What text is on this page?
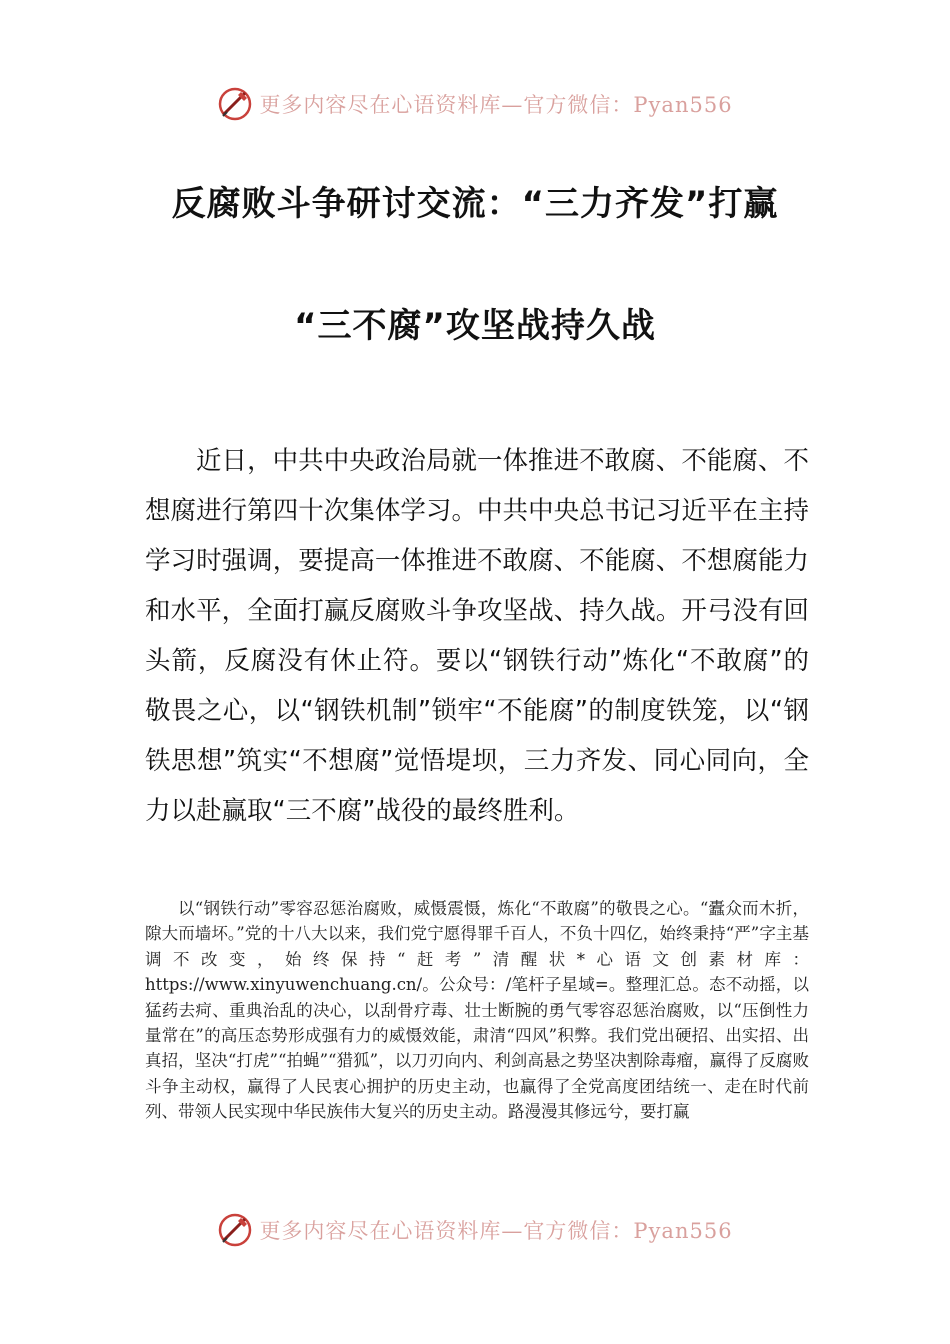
更多内容尽在心语资料库—官方微信：Pyan556
反腐败斗争研讨交流：“三力齐发”打赢
“三不腐”攻坚战持久战

近日，中共中央政治局就一体推进不敢腐、不能腐、不想腐进行第四十次集体学习。中共中央总书记习近平在主持学习时强调，要提高一体推进不敢腐、不能腐、不想腐能力和水平，全面打赢反腐败斗争攻坚战、持久战。开弓没有回头箭，反腐没有休止符。要以“钢铁行动”炼化“不敢腐”的敬畏之心，以“钢铁机制”锁牢“不能腐”的制度铁笼，以“钢铁思想”筑实“不想腐”觉悟堤坝，三力齐发、同心同向，全力以赴赢取“三不腐”战役的最终胜利。

以“钢铁行动”零容忍惩治腐败，威慑震慑，炼化“不敢腐”的敬畏之心。“蠹众而木折，隙大而墙坏。”党的十八大以来，我们党宁愿得罪千百人，不负十四亿，始终秉持“严”字主基调不改变，始终保持“赶考”清醒状*心语文创素材库：https://www.xinyuwenchuang.cn/。公众号：/笔杆子星域=。整理汇总。态不动摇，以猛药去疴、重典治乱的决心，以刮骨疗毒、壮士断腕的勇气零容忍惩治腐败，以“压倒性力量常在”的高压态势形成强有力的威慑效能，肃清“四风”积弊。我们党出硬招、出实招、出真招，坚决“打虎”“拍蝇”“猎狐”，以刀刃向内、利剑高悬之势坚决割除毒瘤，赢得了反腐败斗争主动权，赢得了人民衷心拥护的历史主动，也赢得了全党高度团结统一、走在时代前列、带领人民实现中华民族伟大复兴的历史主动。路漫漫其修远兮，要打赢

更多内容尽在心语资料库—官方微信：Pyan556
